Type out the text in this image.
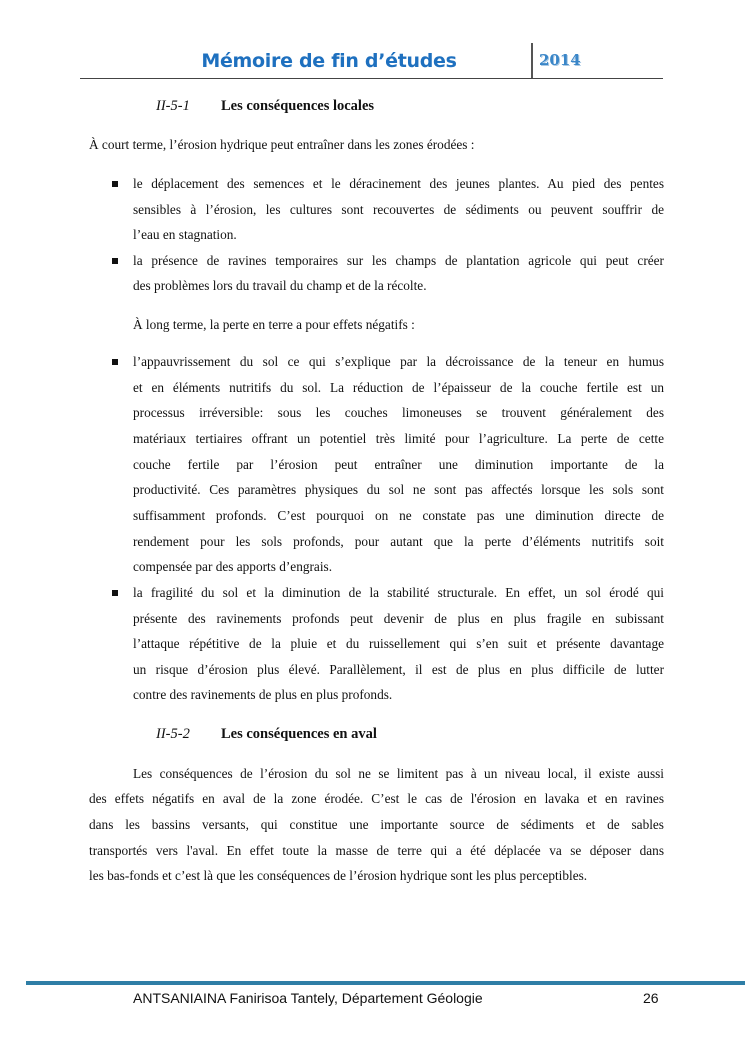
Mémoire de fin d’études	2014
II-5-1 Les conséquences locales
À court terme, l’érosion hydrique peut entraîner dans les zones érodées :
le déplacement des semences et le déracinement des jeunes plantes. Au pied des pentes
sensibles à l’érosion, les cultures sont recouvertes de sédiments ou peuvent souffrir de
l’eau en stagnation.
la présence de ravines temporaires sur les champs de plantation agricole qui peut créer
des problèmes lors du travail du champ et de la récolte.
À long terme, la perte en terre a pour effets négatifs :
l’appauvrissement du sol ce qui s’explique par la décroissance de la teneur en humus
et en éléments nutritifs du sol. La réduction de l’épaisseur de la couche fertile est un
processus irréversible: sous les couches limoneuses se trouvent généralement des
matériaux tertiaires offrant un potentiel très limité pour l’agriculture. La perte de cette
couche fertile par l’érosion peut entraîner une diminution importante de la
productivité. Ces paramètres physiques du sol ne sont pas affectés lorsque les sols sont
suffisamment profonds. C’est pourquoi on ne constate pas une diminution directe de
rendement pour les sols profonds, pour autant que la perte d’éléments nutritifs soit
compensée par des apports d’engrais.
la fragilité du sol et la diminution de la stabilité structurale. En effet, un sol érodé qui
présente des ravinements profonds peut devenir de plus en plus fragile en subissant
l’attaque répétitive de la pluie et du ruissellement qui s’en suit et présente davantage
un risque d’érosion plus élevé. Parallèlement, il est de plus en plus difficile de lutter
contre des ravinements de plus en plus profonds.
II-5-2 Les conséquences en aval
Les conséquences de l’érosion du sol ne se limitent pas à un niveau local, il existe aussi
des effets négatifs en aval de la zone érodée. C’est le cas de l'érosion en lavaka et en ravines
dans les bassins versants, qui constitue une importante source de sédiments et de sables
transportés vers l'aval. En effet toute la masse de terre qui a été déplacée va se déposer dans
les bas-fonds et c’est là que les conséquences de l’érosion hydrique sont les plus perceptibles.
ANTSANIAINA Fanirisoa Tantely, Département Géologie	26
